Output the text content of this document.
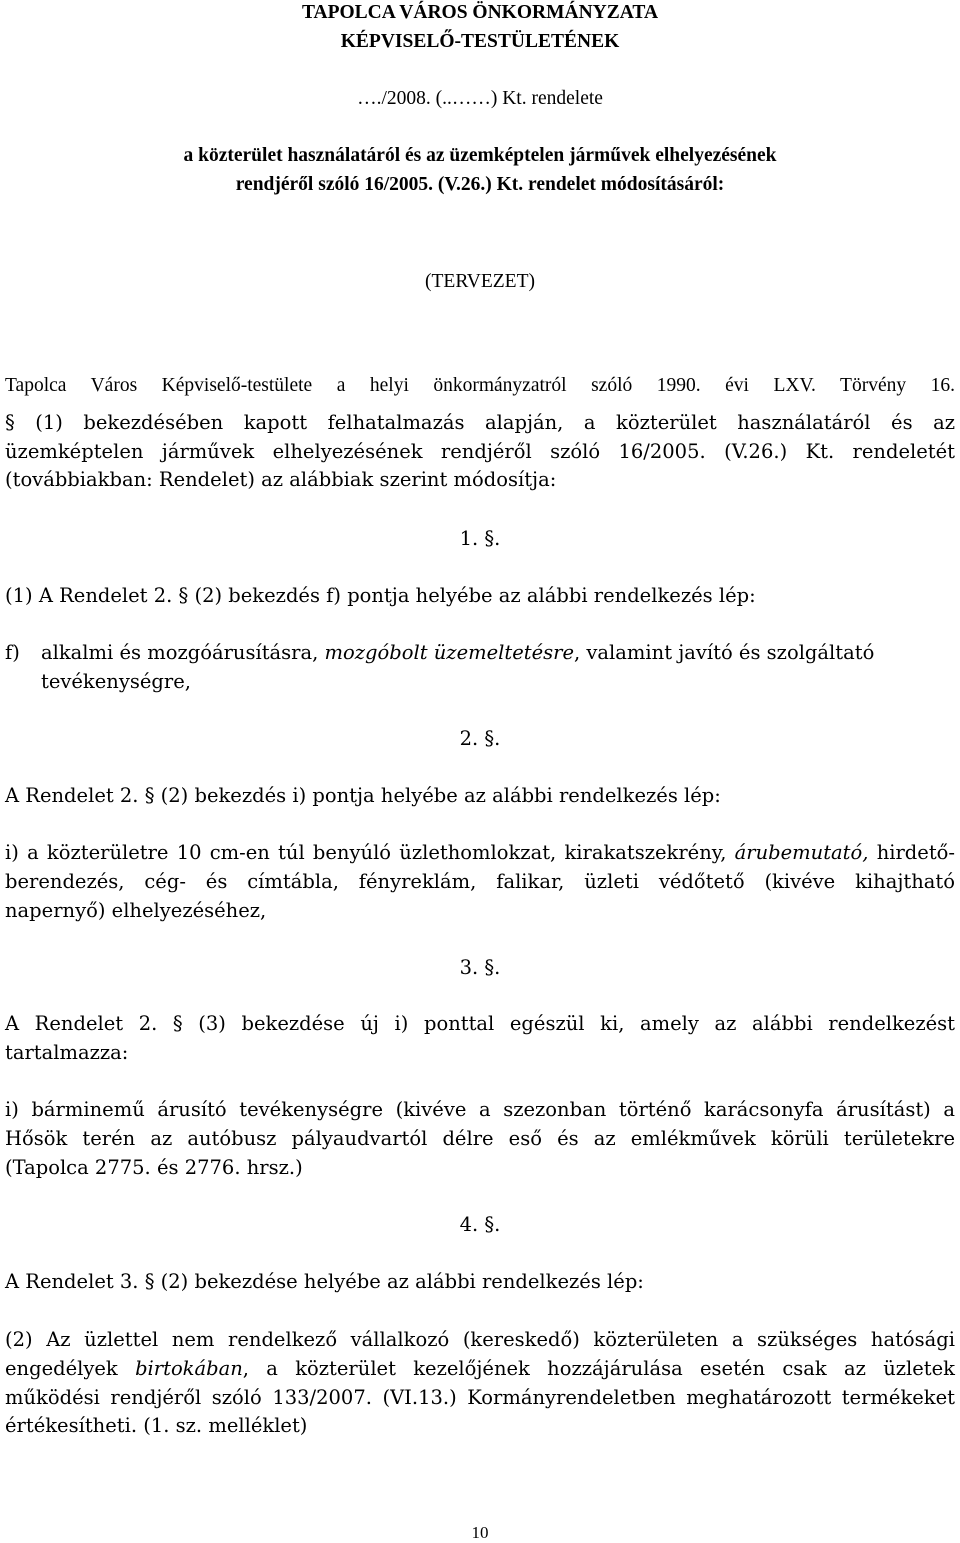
TAPOLCA VÁROS ÖNKORMÁNYZATA
KÉPVISELŐ-TESTÜLETÉNEK
…./2008. (..……) Kt. rendelete
a közterület használatáról és az üzemképtelen járművek elhelyezésének
rendjéről szóló 16/2005. (V.26.) Kt. rendelet módosításáról:
(TERVEZET)
Tapolca Város Képviselő-testülete a helyi önkormányzatról szóló 1990. évi LXV. Törvény 16.
§ (1) bekezdésében kapott felhatalmazás alapján, a közterület használatáról és az
üzemképtelen járművek elhelyezésének rendjéről szóló 16/2005. (V.26.) Kt. rendeletét
(továbbiakban: Rendelet) az alábbiak szerint módosítja:
1. §.
(1) A Rendelet 2. § (2) bekezdés f) pontja helyébe az alábbi rendelkezés lép:
f) alkalmi és mozgóárusításra, mozgóbolt üzemeltetésre, valamint javító és szolgáltató
tevékenységre,
2. §.
A Rendelet 2. § (2) bekezdés i) pontja helyébe az alábbi rendelkezés lép:
i) a közterületre 10 cm-en túl benyúló üzlethomlokzat, kirakatszekrény, árubemutató, hirdető-
berendezés, cég- és címtábla, fényreklám, falikar, üzleti védőtető (kivéve kihajtható
napernyő) elhelyezéséhez,
3. §.
A Rendelet 2. § (3) bekezdése új i) ponttal egészül ki, amely az alábbi rendelkezést
tartalmazza:
i) bárminemű árusító tevékenységre (kivéve a szezonban történő karácsonyfa árusítást) a
Hősök terén az autóbusz pályaudvartól délre eső és az emlékművek körüli területekre
(Tapolca 2775. és 2776. hrsz.)
4. §.
A Rendelet 3. § (2) bekezdése helyébe az alábbi rendelkezés lép:
(2) Az üzlettel nem rendelkező vállalkozó (kereskedő) közterületen a szükséges hatósági
engedélyek birtokában, a közterület kezelőjének hozzájárulása esetén csak az üzletek
működési rendjéről szóló 133/2007. (VI.13.) Kormányrendeletben meghatározott termékeket
értékesítheti. (1. sz. melléklet)
10
